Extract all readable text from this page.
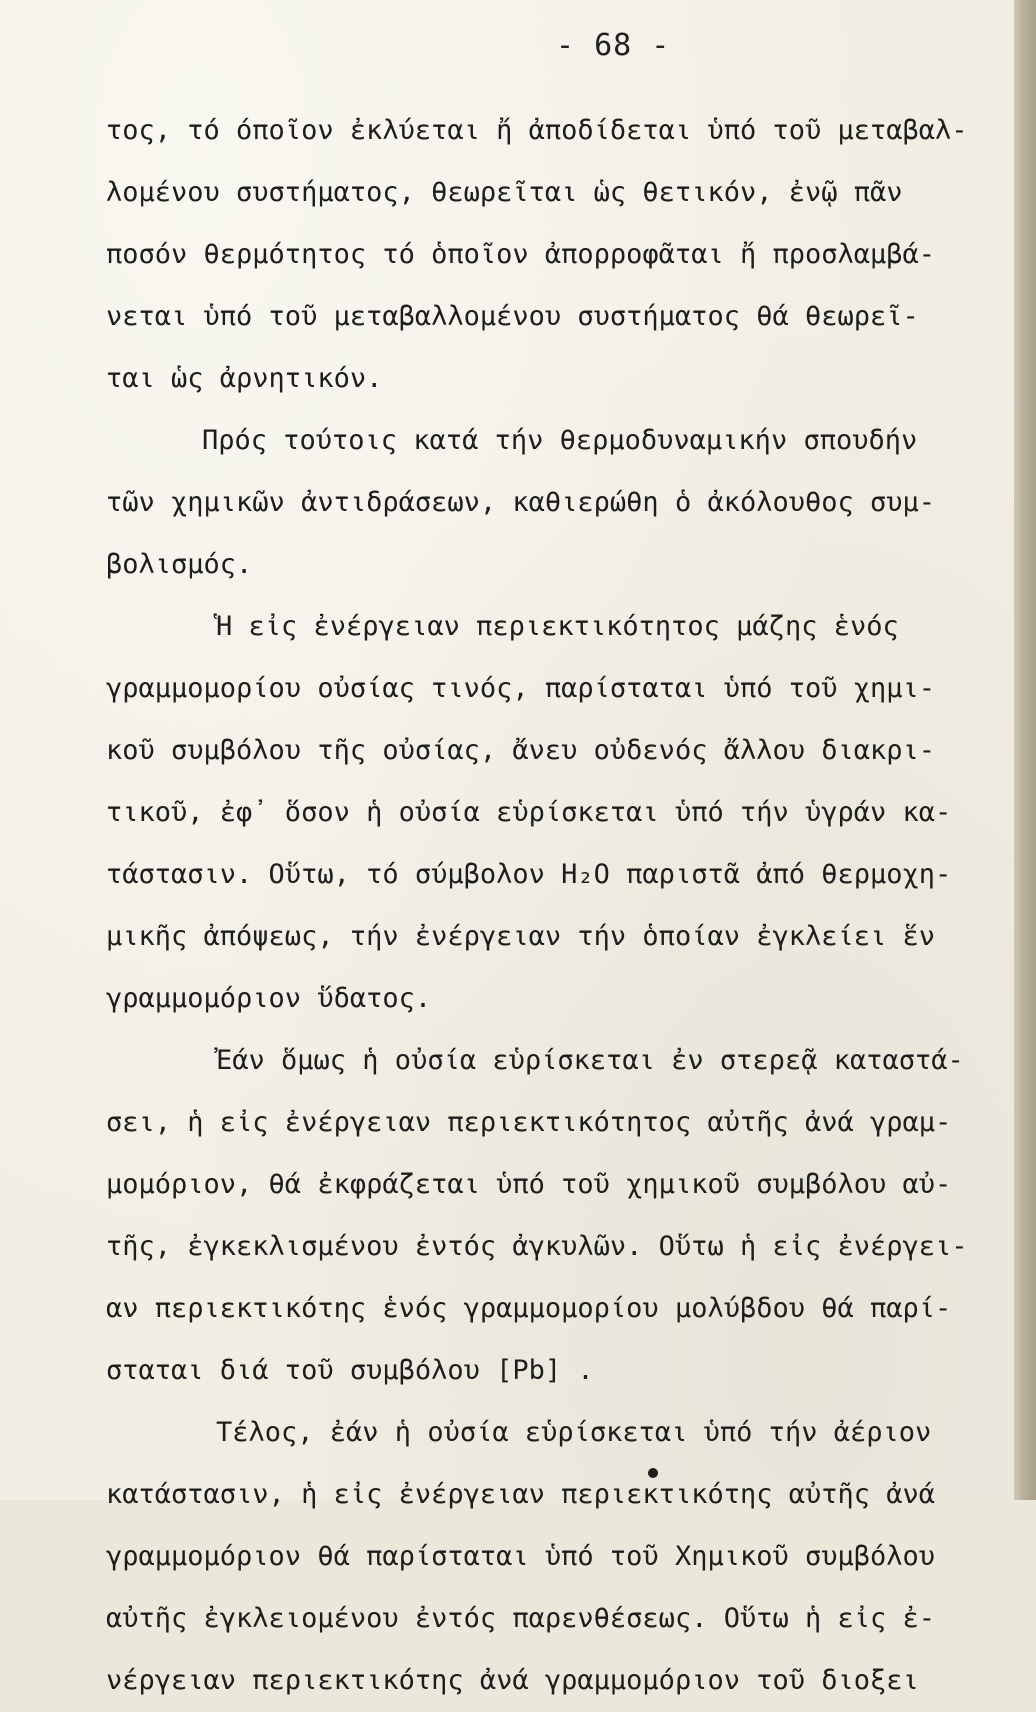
- 68 -
τος, τό όποῖον ἐκλύεται ἤ ἀποδίδεται ὑπό τοῦ μεταβαλ-
λομένου συστήματος, θεωρεῖται ὡς θετικόν, ἐνῷ πᾶν
ποσόν θερμότητος τό ὁποῖον ἀπορροφᾶται ἤ προσλαμβά-
νεται ὑπό τοῦ μεταβαλλομένου συστήματος θά θεωρεῖ-
ται ὡς ἀρνητικόν.
Πρός τούτοις κατά τήν θερμοδυναμικήν σπουδήν
τῶν χημικῶν ἀντιδράσεων, καθιερώθη ὁ ἀκόλουθος συμ-
βολισμός.
Ἡ εἰς ἐνέργειαν περιεκτικότητος μάζης ἑνός
γραμμομορίου οὐσίας τινός, παρίσταται ὑπό τοῦ χημι-
κοῦ συμβόλου τῆς οὐσίας, ἄνευ οὐδενός ἄλλου διακρι-
τικοῦ, ἐφ᾽ ὅσον ἡ οὐσία εὑρίσκεται ὑπό τήν ὑγράν κα-
τάστασιν. Οὕτω, τό σύμβολον H₂O παριστᾶ ἀπό θερμοχη-
μικῆς ἀπόψεως, τήν ἐνέργειαν τήν ὁποίαν ἐγκλείει ἕν
γραμμομόριον ὕδατος.
Ἐάν ὅμως ἡ οὐσία εὑρίσκεται ἐν στερεᾷ καταστά-
σει, ἡ εἰς ἐνέργειαν περιεκτικότητος αὐτῆς ἀνά γραμ-
μομόριον, θά ἐκφράζεται ὑπό τοῦ χημικοῦ συμβόλου αὐ-
τῆς, ἐγκεκλισμένου ἐντός ἀγκυλῶν. Οὕτω ἡ εἰς ἐνέργει-
αν περιεκτικότης ἑνός γραμμομορίου μολύβδου θά παρί-
σταται διά τοῦ συμβόλου [Pb] .
Τέλος, ἐάν ἡ οὐσία εὑρίσκεται ὑπό τήν ἀέριον
κατάστασιν, ἡ εἰς ἐνέργειαν περιεκτικότης αὐτῆς ἀνά
γραμμομόριον θά παρίσταται ὑπό τοῦ Χημικοῦ συμβόλου
αὐτῆς ἐγκλειομένου ἐντός παρενθέσεως. Οὕτω ἡ εἰς ἐ-
νέργειαν περιεκτικότης ἀνά γραμμομόριον τοῦ διοξει
